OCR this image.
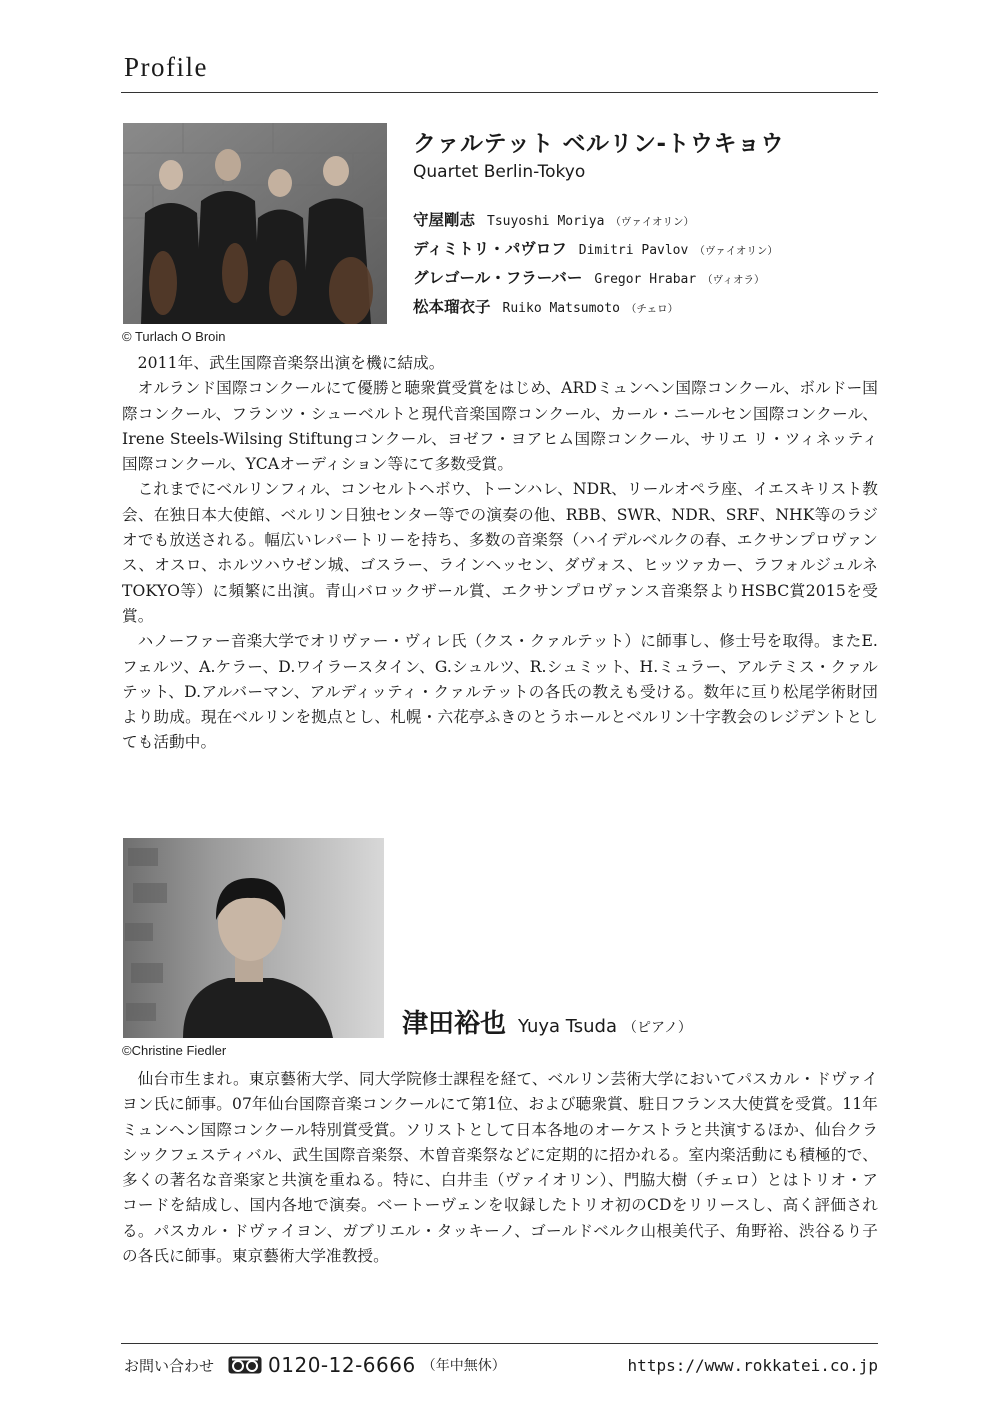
Profile
© Turlach O Broin
クァルテット ベルリン-トウキョウ
Quartet Berlin-Tokyo
守屋剛志 Tsuyoshi Moriya （ヴァイオリン）
ディミトリ・パヴロフ Dimitri Pavlov （ヴァイオリン）
グレゴール・フラーバー Gregor Hrabar （ヴィオラ）
松本瑠衣子 Ruiko Matsumoto （チェロ）

2011年、武生国際音楽祭出演を機に結成。

オルランド国際コンクールにて優勝と聴衆賞受賞をはじめ、ARDミュンヘン国際コンクール、ボルドー国際コンクール、フランツ・シューベルトと現代音楽国際コンクール、カール・ニールセン国際コンクール、Irene Steels-Wilsing Stiftungコンクール、ヨゼフ・ヨアヒム国際コンクール、サリエ リ・ツィネッティ国際コンクール、YCAオーディション等にて多数受賞。

これまでにベルリンフィル、コンセルトヘボウ、トーンハレ、NDR、リールオペラ座、イエスキリスト教会、在独日本大使館、ベルリン日独センター等での演奏の他、RBB、SWR、NDR、SRF、NHK等のラジオでも放送される。幅広いレパートリーを持ち、多数の音楽祭（ハイデルベルクの春、エクサンプロヴァンス、オスロ、ホルツハウゼン城、ゴスラー、ラインヘッセン、ダヴォス、ヒッツァカー、ラフォルジュルネTOKYO等）に頻繁に出演。青山バロックザール賞、エクサンプロヴァンス音楽祭よりHSBC賞2015を受賞。

ハノーファー音楽大学でオリヴァー・ヴィレ氏（クス・クァルテット）に師事し、修士号を取得。またE.フェルツ、A.ケラー、D.ワイラースタイン、G.シュルツ、R.シュミット、H.ミュラー、アルテミス・クァルテット、D.アルバーマン、アルディッティ・クァルテットの各氏の教えも受ける。数年に亘り松尾学術財団より助成。現在ベルリンを拠点とし、札幌・六花亭ふきのとうホールとベルリン十字教会のレジデントとしても活動中。

©Christine Fiedler
津田裕也 Yuya Tsuda （ピアノ）

仙台市生まれ。東京藝術大学、同大学院修士課程を経て、ベルリン芸術大学においてパスカル・ドヴァイヨン氏に師事。07年仙台国際音楽コンクールにて第1位、および聴衆賞、駐日フランス大使賞を受賞。11年ミュンヘン国際コンクール特別賞受賞。ソリストとして日本各地のオーケストラと共演するほか、仙台クラシックフェスティバル、武生国際音楽祭、木曽音楽祭などに定期的に招かれる。室内楽活動にも積極的で、多くの著名な音楽家と共演を重ねる。特に、白井圭（ヴァイオリン）、門脇大樹（チェロ）とはトリオ・アコードを結成し、国内各地で演奏。ベートーヴェンを収録したトリオ初のCDをリリースし、高く評価される。パスカル・ドヴァイヨン、ガブリエル・タッキーノ、ゴールドベルク山根美代子、角野裕、渋谷るり子の各氏に師事。東京藝術大学准教授。

お問い合わせ	0120-12-6666 （年中無休）	https://www.rokkatei.co.jp
